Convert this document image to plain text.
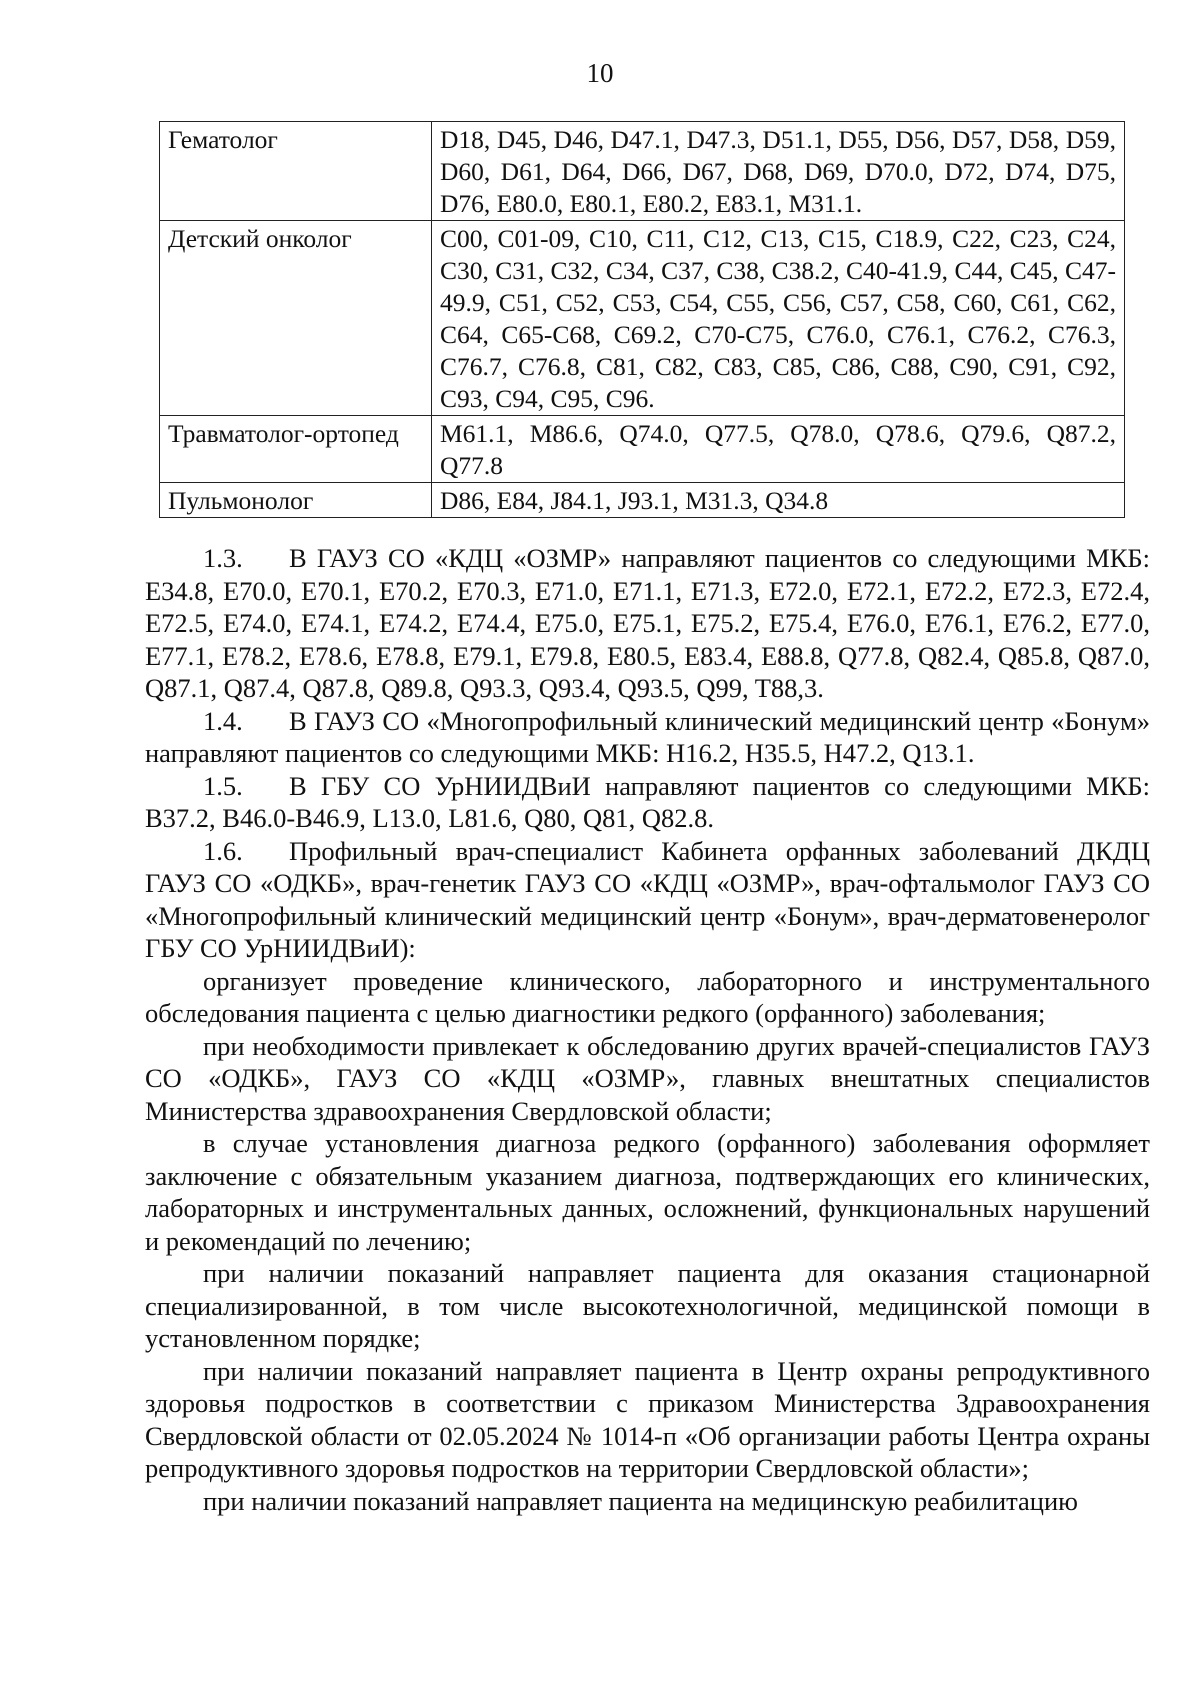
10
Гематолог	D18, D45, D46, D47.1, D47.3, D51.1, D55, D56, D57, D58, D59, D60, D61, D64, D66, D67, D68, D69, D70.0, D72, D74, D75, D76, E80.0, E80.1, E80.2, E83.1, M31.1.
Детский онколог	C00, C01-09, C10, C11, C12, C13, C15, C18.9, C22, C23, C24, C30, C31, C32, C34, C37, C38, C38.2, C40-41.9, C44, C45, C47-49.9, C51, C52, C53, C54, C55, C56, C57, C58, C60, C61, C62, C64, C65-C68, C69.2, C70-C75, C76.0, C76.1, C76.2, C76.3, C76.7, C76.8, C81, C82, C83, C85, C86, C88, C90, C91, C92, C93, C94, C95, C96.
Травматолог-ортопед	M61.1, M86.6, Q74.0, Q77.5, Q78.0, Q78.6, Q79.6, Q87.2, Q77.8
Пульмонолог	D86, E84, J84.1, J93.1, M31.3, Q34.8

1.3. В ГАУЗ СО «КДЦ «ОЗМР» направляют пациентов со следующими МКБ: E34.8, E70.0, E70.1, E70.2, E70.3, E71.0, E71.1, E71.3, E72.0, E72.1, E72.2, E72.3, E72.4, E72.5, E74.0, E74.1, E74.2, E74.4, E75.0, E75.1, E75.2, E75.4, E76.0, E76.1, E76.2, E77.0, E77.1, E78.2, E78.6, E78.8, E79.1, E79.8, E80.5, E83.4, E88.8, Q77.8, Q82.4, Q85.8, Q87.0, Q87.1, Q87.4, Q87.8, Q89.8, Q93.3, Q93.4, Q93.5, Q99, T88,3.

1.4. В ГАУЗ СО «Многопрофильный клинический медицинский центр «Бонум» направляют пациентов со следующими МКБ: H16.2, H35.5, H47.2, Q13.1.

1.5. В ГБУ СО УрНИИДВиИ направляют пациентов со следующими МКБ: B37.2, B46.0-B46.9, L13.0, L81.6, Q80, Q81, Q82.8.

1.6. Профильный врач-специалист Кабинета орфанных заболеваний ДКДЦ ГАУЗ СО «ОДКБ», врач-генетик ГАУЗ СО «КДЦ «ОЗМР», врач-офтальмолог ГАУЗ СО «Многопрофильный клинический медицинский центр «Бонум», врач-дерматовенеролог ГБУ СО УрНИИДВиИ):

организует проведение клинического, лабораторного и инструментального обследования пациента с целью диагностики редкого (орфанного) заболевания;

при необходимости привлекает к обследованию других врачей-специалистов ГАУЗ СО «ОДКБ», ГАУЗ СО «КДЦ «ОЗМР», главных внештатных специалистов Министерства здравоохранения Свердловской области;

в случае установления диагноза редкого (орфанного) заболевания оформляет заключение с обязательным указанием диагноза, подтверждающих его клинических, лабораторных и инструментальных данных, осложнений, функциональных нарушений и рекомендаций по лечению;

при наличии показаний направляет пациента для оказания стационарной специализированной, в том числе высокотехнологичной, медицинской помощи в установленном порядке;

при наличии показаний направляет пациента в Центр охраны репродуктивного здоровья подростков в соответствии с приказом Министерства Здравоохранения Свердловской области от 02.05.2024 № 1014-п «Об организации работы Центра охраны репродуктивного здоровья подростков на территории Свердловской области»;

при наличии показаний направляет пациента на медицинскую реабилитацию
